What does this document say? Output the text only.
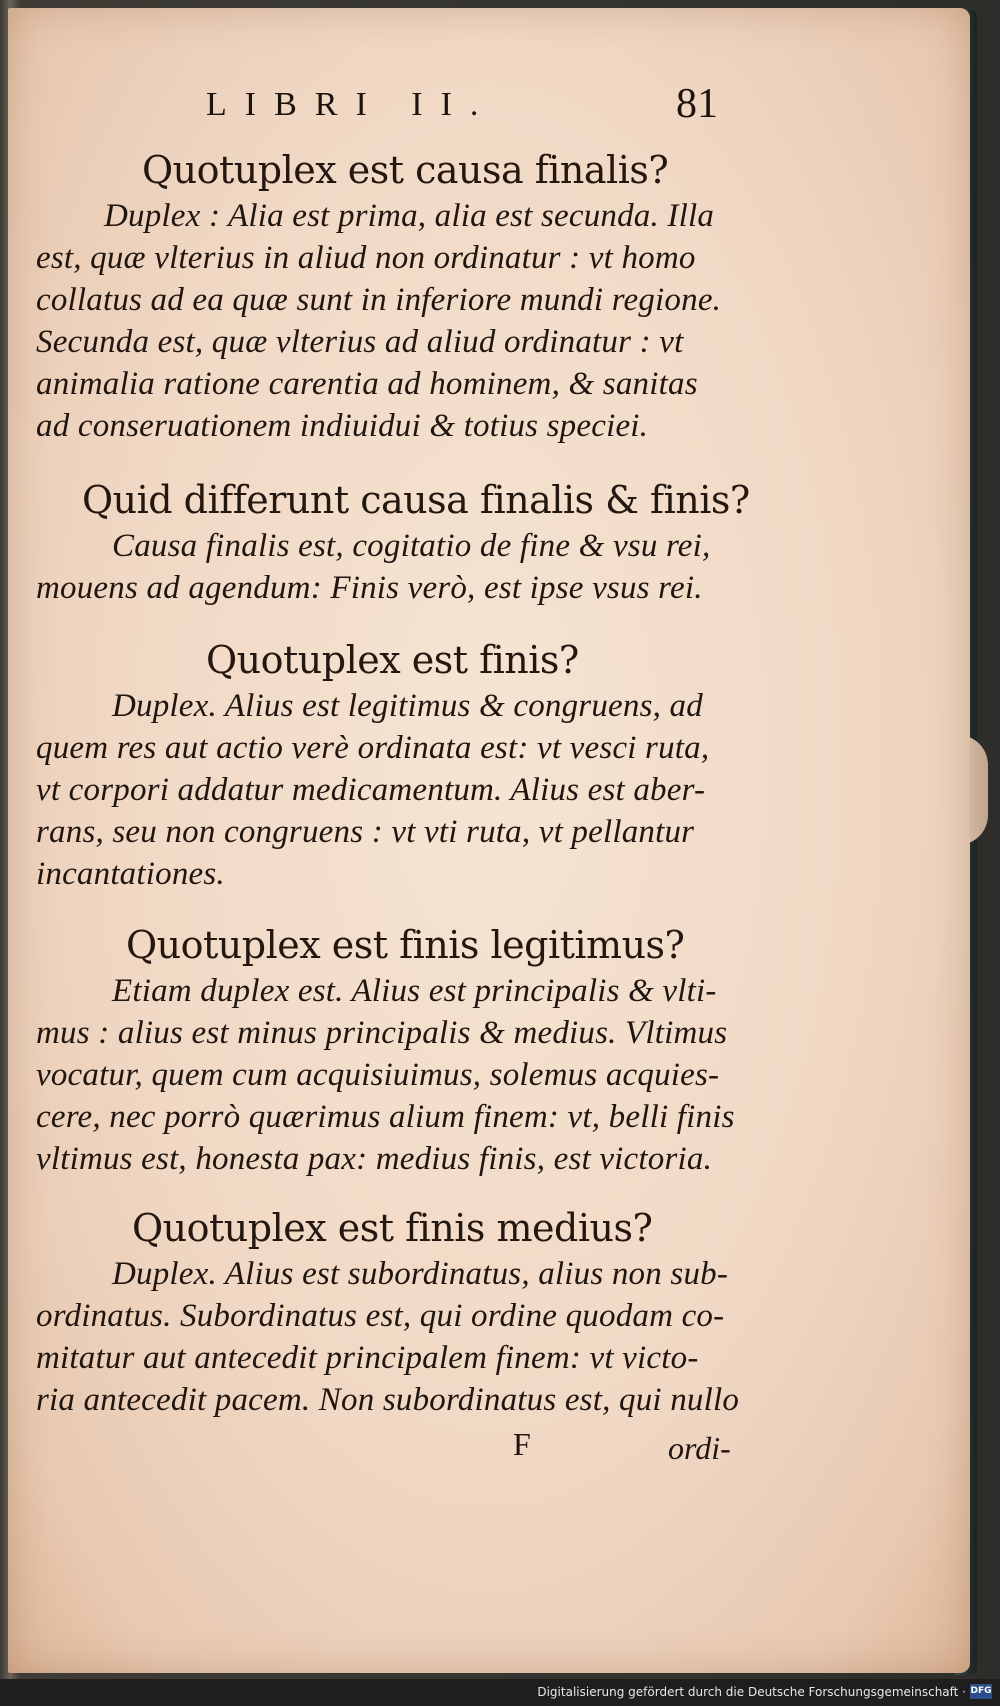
LIBRI II.	81
Quotuplex est causa finalis?
Duplex : Alia est prima, alia est secunda. Illa
est, quæ vlterius in aliud non ordinatur : vt homo
collatus ad ea quæ sunt in inferiore mundi regione.
Secunda est, quæ vlterius ad aliud ordinatur : vt
animalia ratione carentia ad hominem, & sanitas
ad conseruationem indiuidui & totius speciei.
Quid differunt causa finalis & finis?
Causa finalis est, cogitatio de fine & vsu rei,
mouens ad agendum: Finis verò, est ipse vsus rei.
Quotuplex est finis?
Duplex. Alius est legitimus & congruens, ad
quem res aut actio verè ordinata est: vt vesci ruta,
vt corpori addatur medicamentum. Alius est aber-
rans, seu non congruens : vt vti ruta, vt pellantur
incantationes.
Quotuplex est finis legitimus?
Etiam duplex est. Alius est principalis & vlti-
mus : alius est minus principalis & medius. Vltimus
vocatur, quem cum acquisiuimus, solemus acquies-
cere, nec porrò quærimus alium finem: vt, belli finis
vltimus est, honesta pax: medius finis, est victoria.
Quotuplex est finis medius?
Duplex. Alius est subordinatus, alius non sub-
ordinatus. Subordinatus est, qui ordine quodam co-
mitatur aut antecedit principalem finem: vt victo-
ria antecedit pacem. Non subordinatus est, qui nullo
F	ordi-
Digitalisierung gefördert durch die Deutsche Forschungsgemeinschaft · DFG
